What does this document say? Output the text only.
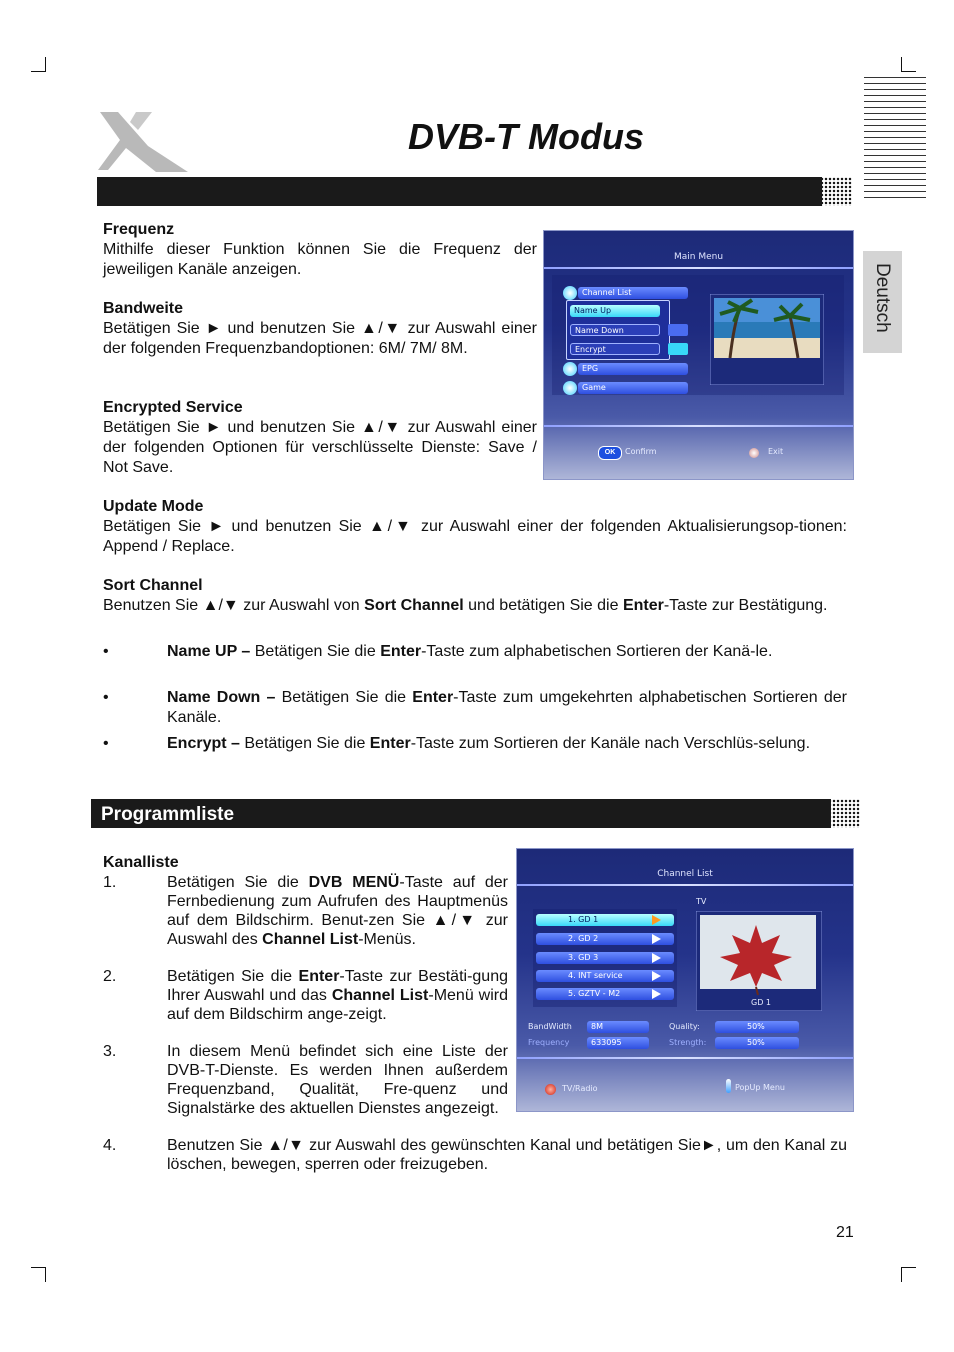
DVB-T Modus
Deutsch
Frequenz
Mithilfe dieser Funktion können Sie die Frequenz der jeweiligen Kanäle anzeigen.
Bandweite
Betätigen Sie ► und benutzen Sie ▲/▼ zur Auswahl einer der folgenden Frequenzbandoptionen: 6M/ 7M/ 8M.
Encrypted Service
Betätigen Sie ► und benutzen Sie ▲/▼ zur Auswahl einer der folgenden Optionen für verschlüsselte Dienste: Save / Not Save.
Update Mode
Betätigen Sie ► und benutzen Sie ▲/▼ zur Auswahl einer der folgenden Aktualisierungsop-tionen: Append / Replace.
Sort Channel
Benutzen Sie ▲/▼ zur Auswahl von Sort Channel und betätigen Sie die Enter-Taste zur Bestätigung.
•	Name UP – Betätigen Sie die Enter-Taste zum alphabetischen Sortieren der Kanä-le.
•	Name Down – Betätigen Sie die Enter-Taste zum umgekehrten alphabetischen Sortieren der Kanäle.
•	Encrypt – Betätigen Sie die Enter-Taste zum Sortieren der Kanäle nach Verschlüs-selung.
Programmliste
Kanalliste
1.	Betätigen Sie die DVB MENÜ-Taste auf der Fernbedienung zum Aufrufen des Hauptmenüs auf dem Bildschirm. Benut-zen Sie ▲/▼ zur Auswahl des Channel List-Menüs.
2.	Betätigen Sie die Enter-Taste zur Bestäti-gung Ihrer Auswahl und das Channel List-Menü wird auf dem Bildschirm ange-zeigt.
3.	In diesem Menü befindet sich eine Liste der DVB-T-Dienste. Es werden Ihnen außerdem Frequenzband, Qualität, Fre-quenz und Signalstärke des aktuellen Dienstes angezeigt.
4.	Benutzen Sie ▲/▼ zur Auswahl des gewünschten Kanal und betätigen Sie►, um den Kanal zu löschen, bewegen, sperren oder freizugeben.
Main Menu
Channel List
Name Up
Name Down
Encrypt
EPG
Game
OK	Confirm	Exit
Channel List
TV
1. GD 1
2. GD 2
3. GD 3
4. INT service
5. GZTV - M2
GD 1
BandWidth	8M
Frequency	633095
Quality:	50%
Strength:	50%
TV/Radio	PopUp Menu
21
